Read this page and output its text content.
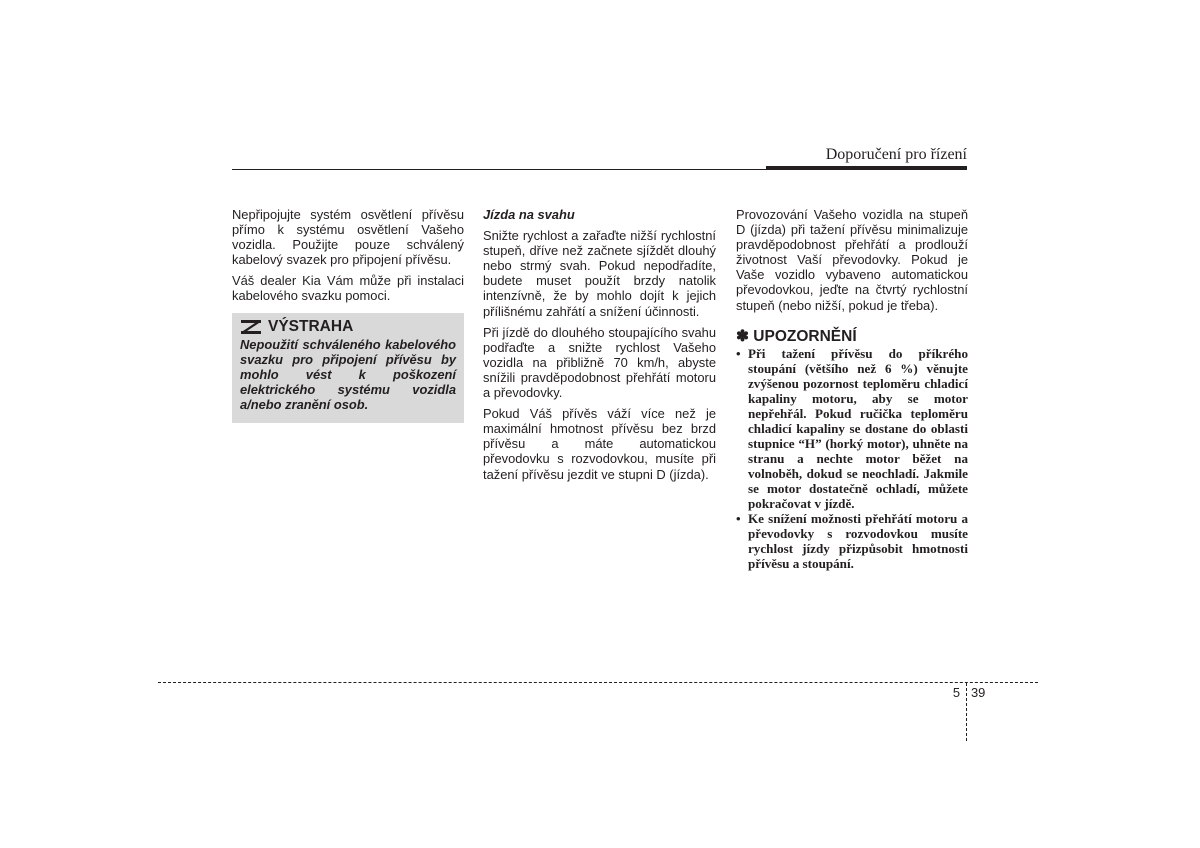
Doporučení pro řízení

Nepřipojujte systém osvětlení přívěsu přímo k systému osvětlení Vašeho vozidla. Použijte pouze schválený kabelový svazek pro připojení přívěsu.

Váš dealer Kia Vám může při instalaci kabelového svazku pomoci.

VÝSTRAHA
Nepoužití schváleného kabelového svazku pro připojení přívěsu by mohlo vést k poškození elektrického systému vozidla a/nebo zranění osob.

Jízda na svahu

Snižte rychlost a zařaďte nižší rychlostní stupeň, dříve než začnete sjíždět dlouhý nebo strmý svah. Pokud nepodřadíte, budete muset použít brzdy natolik intenzívně, že by mohlo dojít k jejich přílišnému zahřátí a snížení účinnosti.

Při jízdě do dlouhého stoupajícího svahu podřaďte a snižte rychlost Vašeho vozidla na přibližně 70 km/h, abyste snížili pravděpodobnost přehřátí motoru a převodovky.

Pokud Váš přívěs váží více než je maximální hmotnost přívěsu bez brzd přívěsu a máte automatickou převodovku s rozvodovkou, musíte při tažení přívěsu jezdit ve stupni D (jízda).

Provozování Vašeho vozidla na stupeň D (jízda) při tažení přívěsu minimalizuje pravděpodobnost přehřátí a prodlouží životnost Vaší převodovky. Pokud je Vaše vozidlo vybaveno automatickou převodovkou, jeďte na čtvrtý rychlostní stupeň (nebo nižší, pokud je třeba).

✽ UPOZORNĚNÍ
• Při tažení přívěsu do příkrého stoupání (většího než 6 %) věnujte zvýšenou pozornost teploměru chladicí kapaliny motoru, aby se motor nepřehřál. Pokud ručička teploměru chladicí kapaliny se dostane do oblasti stupnice “H” (horký motor), uhněte na stranu a nechte motor běžet na volnoběh, dokud se neochladí. Jakmile se motor dostatečně ochladí, můžete pokračovat v jízdě.
• Ke snížení možnosti přehřátí motoru a převodovky s rozvodovkou musíte rychlost jízdy přizpůsobit hmotnosti přívěsu a stoupání.
5 39
